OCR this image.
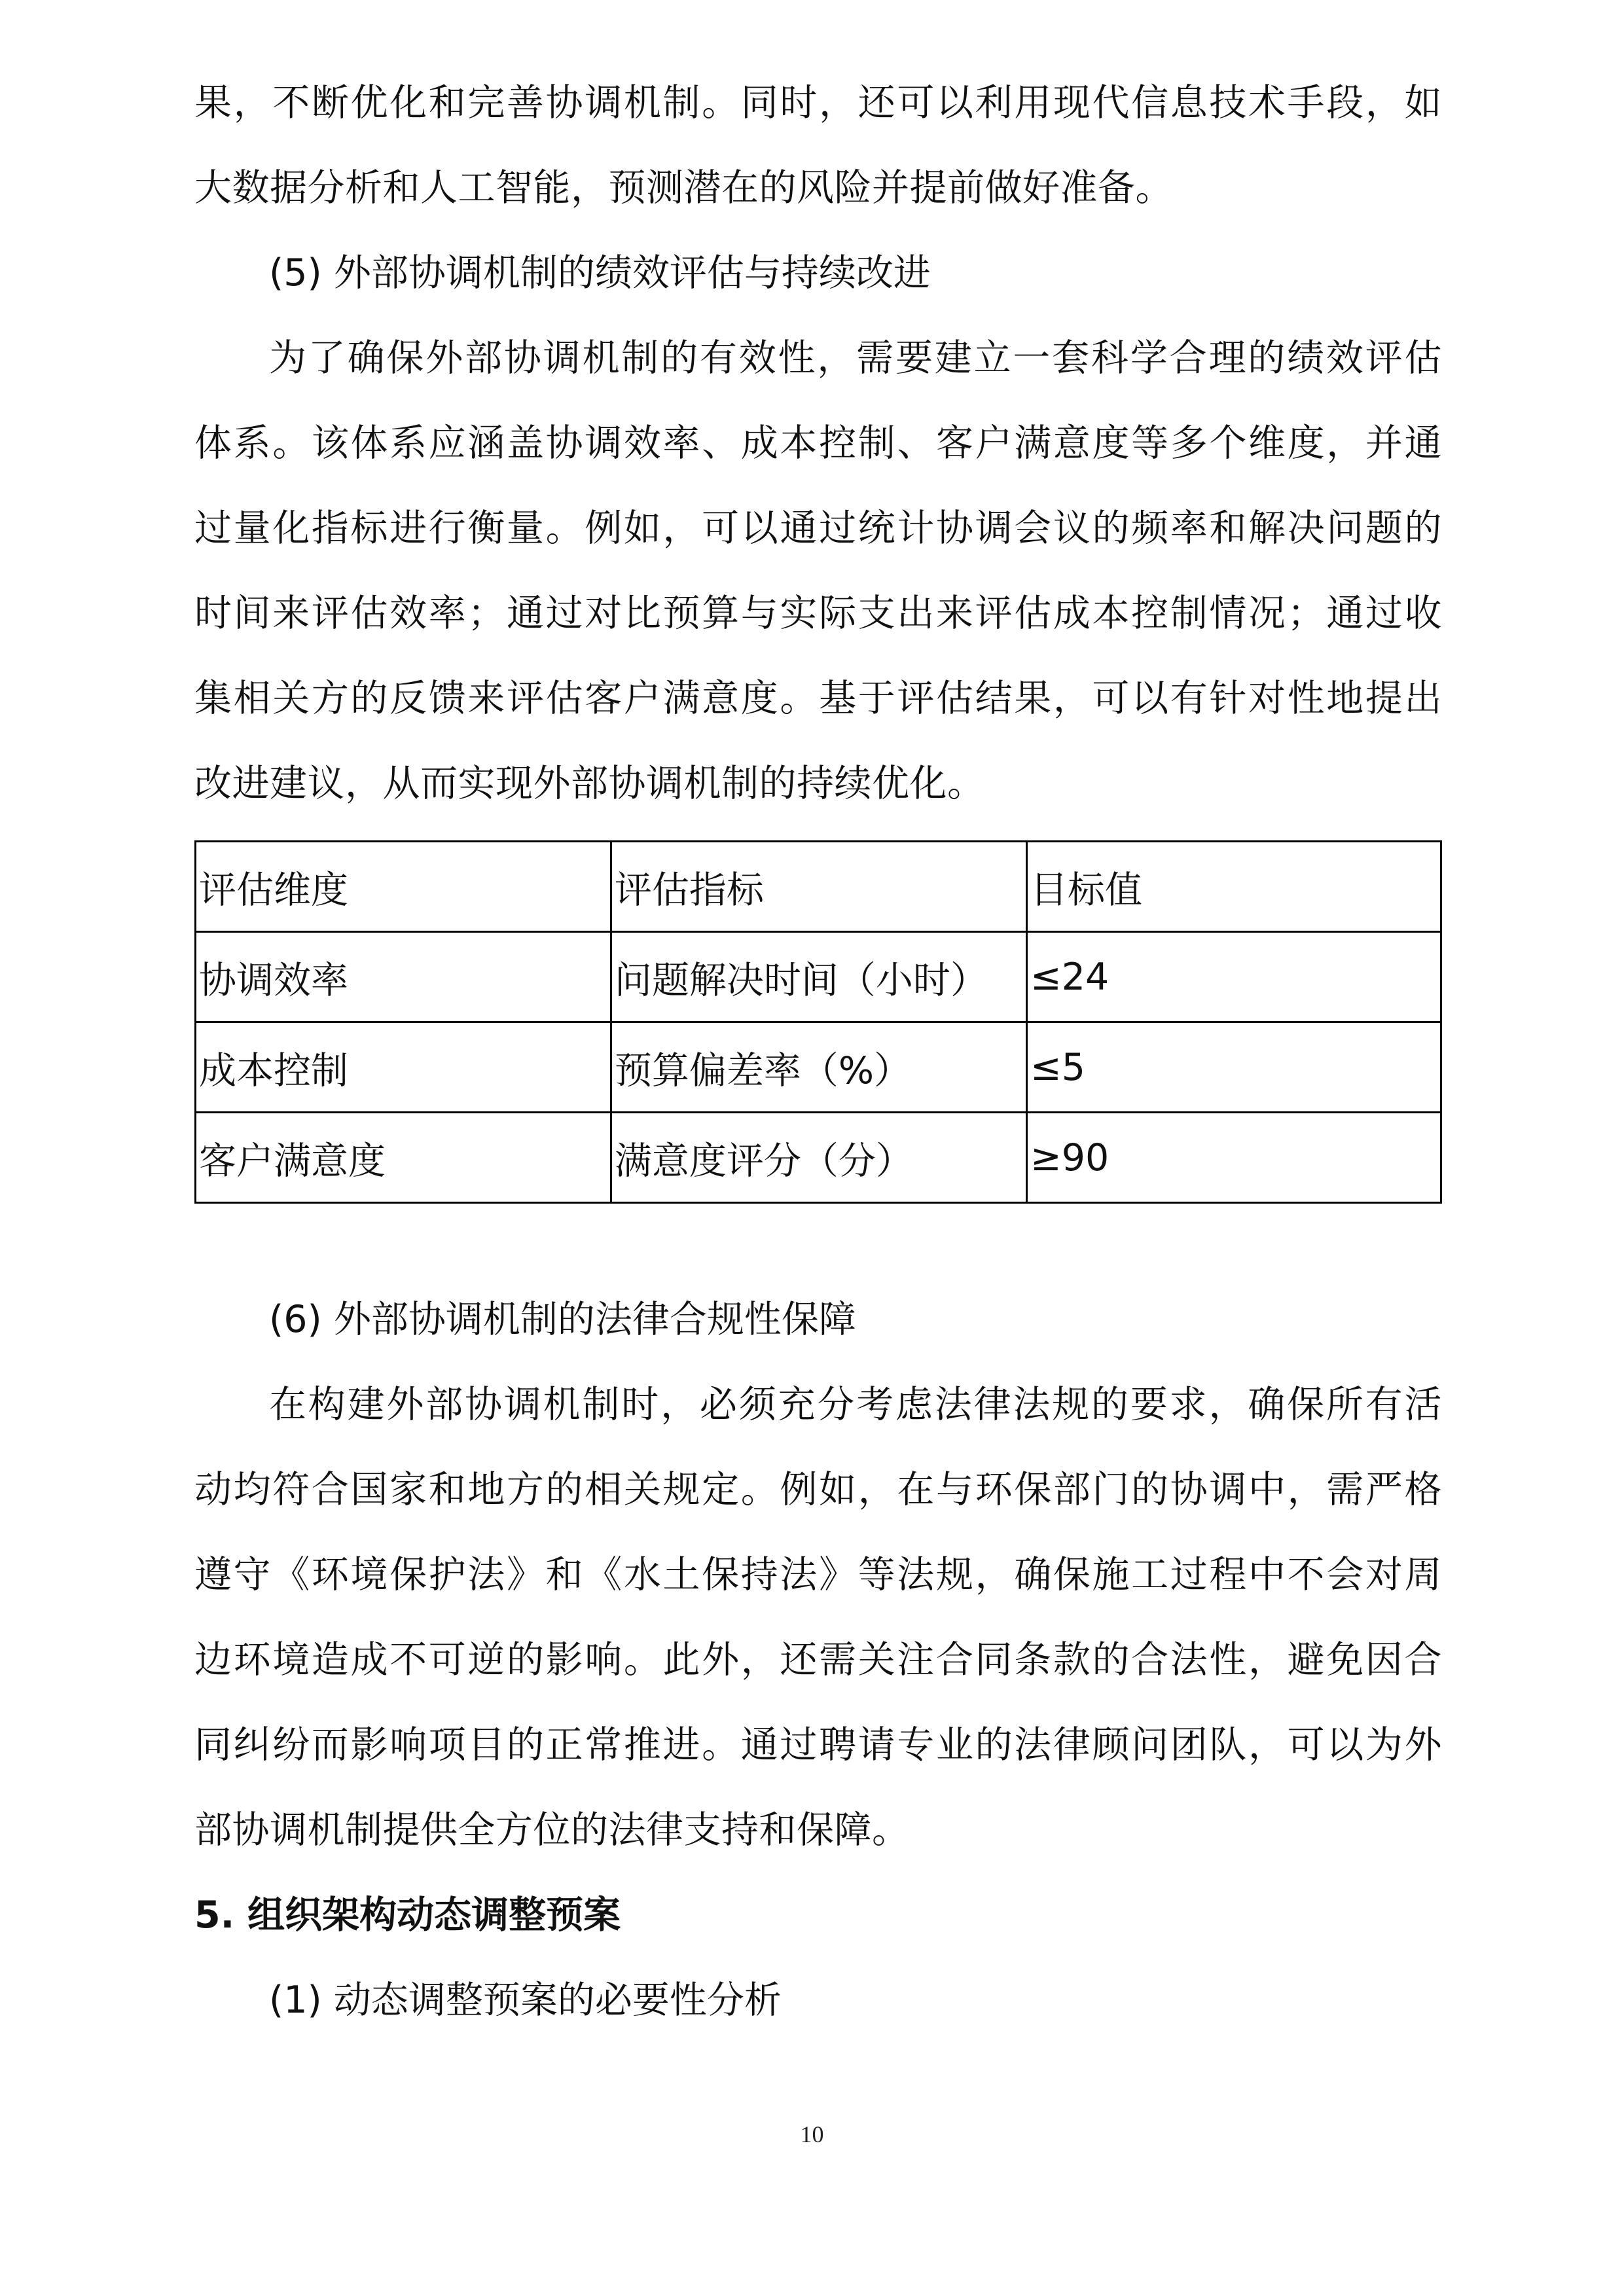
果，不断优化和完善协调机制。同时，还可以利用现代信息技术手段，如

大数据分析和人工智能，预测潜在的风险并提前做好准备。

(5) 外部协调机制的绩效评估与持续改进

为了确保外部协调机制的有效性，需要建立一套科学合理的绩效评估

体系。该体系应涵盖协调效率、成本控制、客户满意度等多个维度，并通

过量化指标进行衡量。例如，可以通过统计协调会议的频率和解决问题的

时间来评估效率；通过对比预算与实际支出来评估成本控制情况；通过收

集相关方的反馈来评估客户满意度。基于评估结果，可以有针对性地提出

改进建议，从而实现外部协调机制的持续优化。

评估维度	评估指标	目标值
协调效率	问题解决时间（小时）	≤24
成本控制	预算偏差率（%）	≤5
客户满意度	满意度评分（分）	≥90

(6) 外部协调机制的法律合规性保障

在构建外部协调机制时，必须充分考虑法律法规的要求，确保所有活

动均符合国家和地方的相关规定。例如，在与环保部门的协调中，需严格

遵守《环境保护法》和《水土保持法》等法规，确保施工过程中不会对周

边环境造成不可逆的影响。此外，还需关注合同条款的合法性，避免因合

同纠纷而影响项目的正常推进。通过聘请专业的法律顾问团队，可以为外

部协调机制提供全方位的法律支持和保障。

5. 组织架构动态调整预案

(1) 动态调整预案的必要性分析

10
